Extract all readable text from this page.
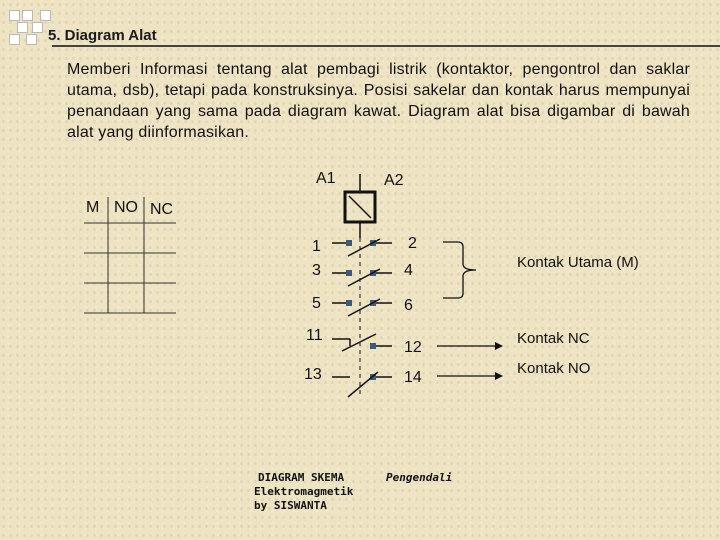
5. Diagram Alat
Memberi Informasi tentang alat pembagi listrik (kontaktor, pengontrol dan saklar utama, dsb), tetapi pada konstruksinya. Posisi sakelar dan kontak harus mempunyai penandaan yang sama pada diagram kawat. Diagram alat bisa digambar di bawah alat yang diinformasikan.
A1	A2
M NO NC
1	2
3	4
5	6
11
12
13	14
Kontak Utama (M)
Kontak NC
Kontak NO
DIAGRAM SKEMA
Elektromagmetik
by SISWANTA
Pengendali
